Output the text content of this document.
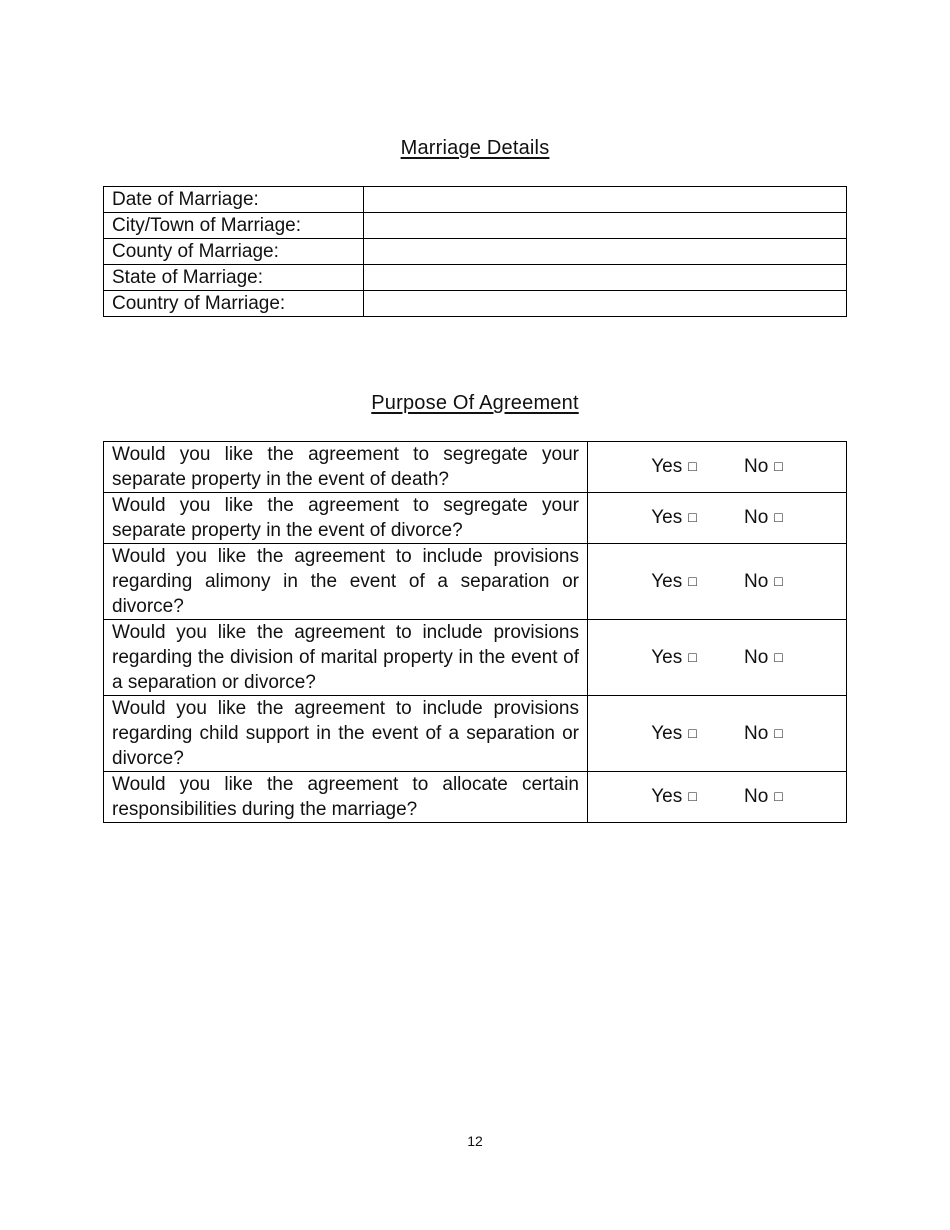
Marriage Details
Date of Marriage:	
City/Town of Marriage:	
County of Marriage:	
State of Marriage:	
Country of Marriage:	
Purpose Of Agreement
Would you like the agreement to segregate your separate property in the event of death?	Yes □ No □
Would you like the agreement to segregate your separate property in the event of divorce?	Yes □ No □
Would you like the agreement to include provisions regarding alimony in the event of a separation or divorce?	Yes □ No □
Would you like the agreement to include provisions regarding the division of marital property in the event of a separation or divorce?	Yes □ No □
Would you like the agreement to include provisions regarding child support in the event of a separation or divorce?	Yes □ No □
Would you like the agreement to allocate certain responsibilities during the marriage?	Yes □ No □
12
